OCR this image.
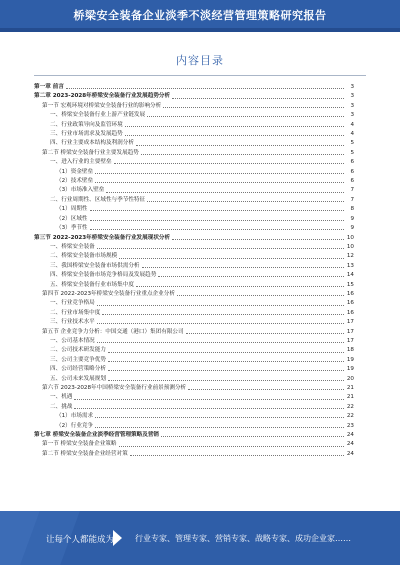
桥梁安全装备企业淡季不淡经营管理策略研究报告
内容目录
第一章 前言	3
第二章 2023-2028年桥梁安全装备行业发展趋势分析	3
第一节 宏观环境对桥梁安全装备行业的影响分析	3
一、桥梁安全装备行业上游产业链发展	3
二、行业政策导向及监管环境	4
三、行业市场需求及发展趋势	4
四、行业主要成本结构及利润分析	5
第二节 桥梁安全装备行业主要发展趋势	5
一、进入行业的主要壁垒	6
（1）资金壁垒	6
（2）技术壁垒	6
（3）市场准入壁垒	7
二、行业周期性、区域性与季节性特征	7
（1）周期性	8
（2）区域性	9
（3）季节性	9
第三节 2022-2023年桥梁安全装备行业发展现状分析	10
一、桥梁安全装备	10
二、桥梁安全装备市场规模	12
三、我国桥梁安全装备市场供需分析	13
四、桥梁安全装备市场竞争格局及发展趋势	14
五、桥梁安全装备行业市场集中度	15
第四节 2022-2023年桥梁安全装备行业重点企业分析	16
一、行业竞争格局	16
二、行业市场集中度	16
三、行业技术水平	17
第五节 企业竞争力分析：中国交通（港口）集团有限公司	17
一、公司基本情况	17
二、公司技术研发能力	18
三、公司主要竞争优势	19
四、公司经营策略分析	19
五、公司未来发展规划	20
第六节 2023-2028年中国桥梁安全装备行业前景预测分析	21
一、机遇	21
二、挑战	22
（1）市场需求	22
（2）行业竞争	23
第七章 桥梁安全装备企业淡季经营管理策略及营销	24
第一节 桥梁安全装备企业策略	24
第二节 桥梁安全装备企业经营对策	24
让每个人都能成为	行业专家、管理专家、营销专家、战略专家、成功企业家……
